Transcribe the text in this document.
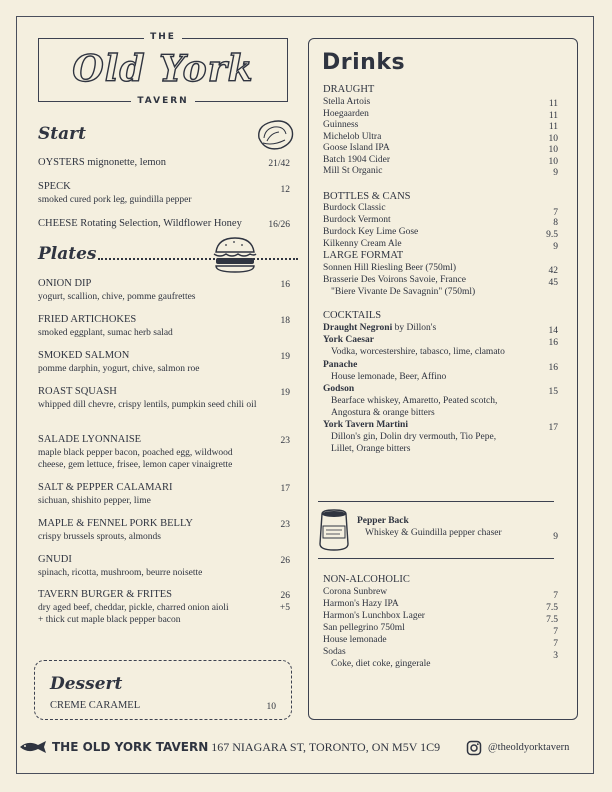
THE
Old York
TAVERN
Start
OYSTERS mignonette, lemon	21/42
SPECK
smoked cured pork leg, guindilla pepper
12
CHEESE Rotating Selection, Wildflower Honey	16/26
Plates
ONION DIP
yogurt, scallion, chive, pomme gaufrettes
16
FRIED ARTICHOKES
smoked eggplant, sumac herb salad
18
SMOKED SALMON
pomme darphin, yogurt, chive, salmon roe
19
ROAST SQUASH
whipped dill chevre, crispy lentils, pumpkin seed chili oil
19
SALADE LYONNAISE
maple black pepper bacon, poached egg, wildwood cheese, gem lettuce, frisee, lemon caper vinaigrette
23
SALT & PEPPER CALAMARI
sichuan, shishito pepper, lime
17
MAPLE & FENNEL PORK BELLY
crispy brussels sprouts, almonds
23
GNUDI
spinach, ricotta, mushroom, beurre noisette
26
TAVERN BURGER & FRITES
dry aged beef, cheddar, pickle, charred onion aioli
+ thick cut maple black pepper bacon
26
+5
Dessert
CREME CARAMEL	10
Drinks
DRAUGHT
Stella Artois	11
Hoegaarden	11
Guinness	11
Michelob Ultra	10
Goose Island IPA	10
Batch 1904 Cider	10
Mill St Organic	9
BOTTLES & CANS
Burdock Classic	7
Burdock Vermont	8
Burdock Key Lime Gose	9.5
Kilkenny Cream Ale	9
LARGE FORMAT
Sonnen Hill Riesling Beer (750ml)	42
Brasserie Des Voirons Savoie, France
"Biere Vivante De Savagnin" (750ml)
45
COCKTAILS
Draught Negroni by Dillon's	14
York Caesar
Vodka, worcestershire, tabasco, lime, clamato
16
Panache
House lemonade, Beer, Affino
16
Godson
Bearface whiskey, Amaretto, Peated scotch,
Angostura & orange bitters
15
York Tavern Martini
Dillon's gin, Dolin dry vermouth, Tio Pepe,
Lillet, Orange bitters
17
Pepper Back
Whiskey & Guindilla pepper chaser	9
NON-ALCOHOLIC
Corona Sunbrew	7
Harmon's Hazy IPA	7.5
Harmon's Lunchbox Lager	7.5
San pellegrino 750ml	7
House lemonade	7
Sodas
Coke, diet coke, gingerale
3
THE OLD YORK TAVERN 167 NIAGARA ST, TORONTO, ON M5V 1C9	@theoldyorktavern
